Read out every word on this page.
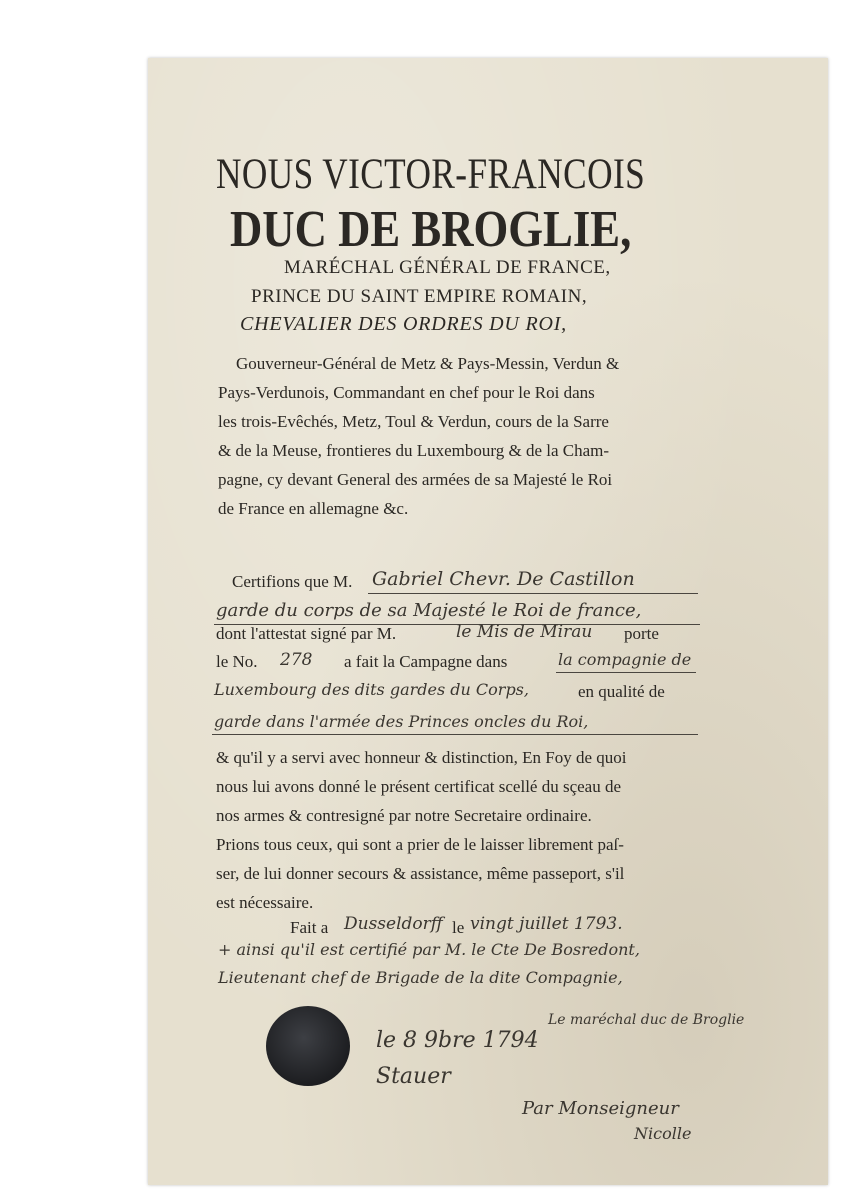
NOUS VICTOR-FRANCOIS
DUC DE BROGLIE,
MARÉCHAL GÉNÉRAL DE FRANCE,
PRINCE DU SAINT EMPIRE ROMAIN,
CHEVALIER DES ORDRES DU ROI,
Gouverneur-Général de Metz & Pays-Messin, Verdun &
Pays-Verdunois, Commandant en chef pour le Roi dans
les trois-Evêchés, Metz, Toul & Verdun, cours de la Sarre
& de la Meuse, frontieres du Luxembourg & de la Cham-
pagne, cy devant General des armées de sa Majesté le Roi
de France en allemagne &c.
Certifions que M. Gabriel Chevr. De Castillon
garde du corps de sa Majesté le Roi de france,
dont l'attestat signé par M.	le Mis de Mirau porte
le No. 278 a fait la Campagne dans	la compagnie de
Luxembourg des dits gardes du Corps,	en qualité de
garde dans l'armée des Princes oncles du Roi,
& qu'il y a servi avec honneur & distinction, En Foy de quoi
nous lui avons donné le présent certificat scellé du sçeau de
nos armes & contresigné par notre Secretaire ordinaire.
Prions tous ceux, qui sont a prier de le laisser librement paſ-
ser, de lui donner secours & assistance, même passeport, s'il
est nécessaire.
Fait a Dusseldorff le vingt juillet 1793.
+ ainsi qu'il est certifié par M. le Cte De Bosredont,
Lieutenant chef de Brigade de la dite Compagnie,
le 8 9bre 1794
Le maréchal duc de Broglie
Stauer
Par Monseigneur
Nicolle
